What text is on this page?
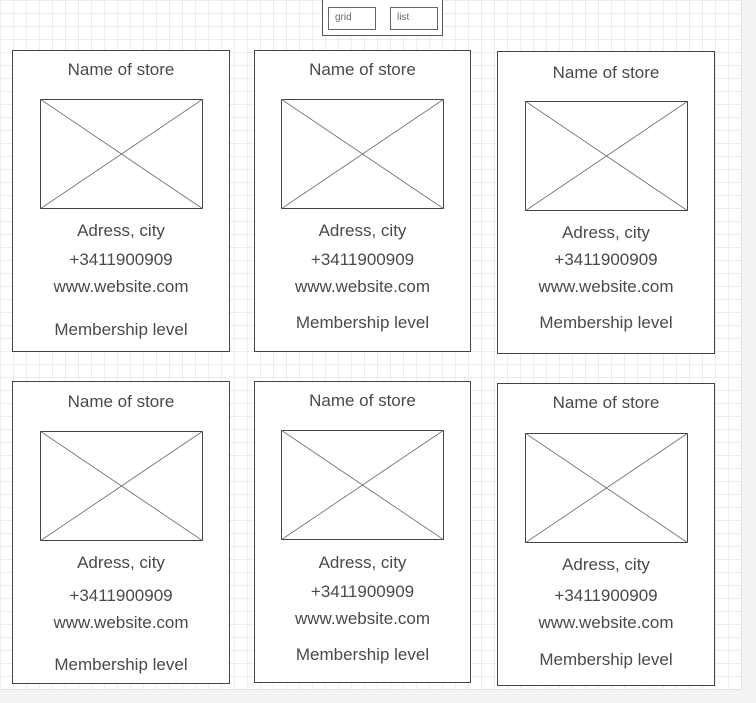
grid	list
Name of store
Adress, city
+3411900909
www.website.com
Membership level
Name of store
Adress, city
+3411900909
www.website.com
Membership level
Name of store
Adress, city
+3411900909
www.website.com
Membership level
Name of store
Adress, city
+3411900909
www.website.com
Membership level
Name of store
Adress, city
+3411900909
www.website.com
Membership level
Name of store
Adress, city
+3411900909
www.website.com
Membership level
